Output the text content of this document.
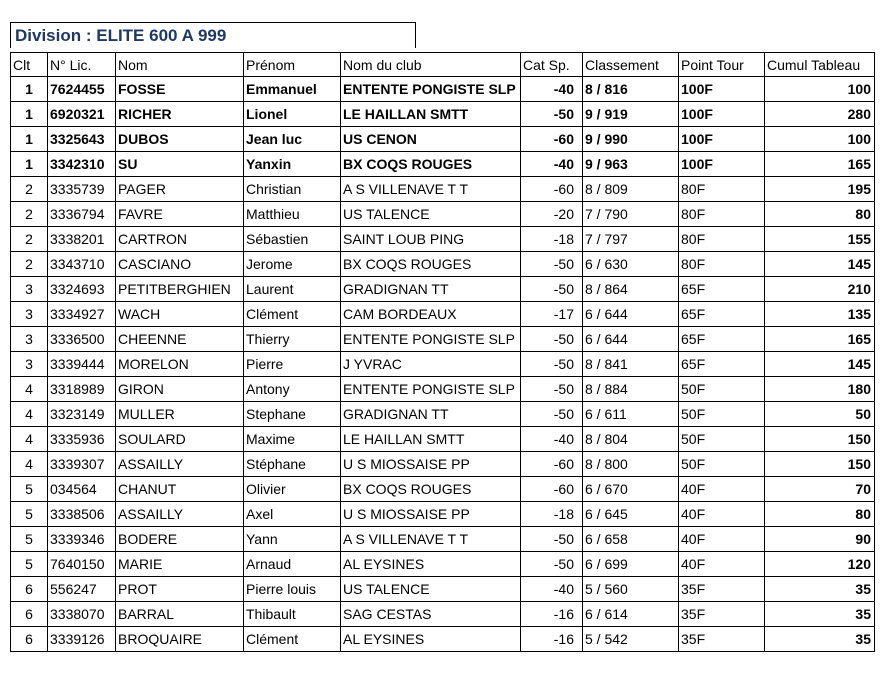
Division : ELITE 600 A 999
Clt	N° Lic.	Nom	Prénom	Nom du club	Cat Sp.	Classement	Point Tour	Cumul Tableau
1	7624455	FOSSE	Emmanuel	ENTENTE PONGISTE SLP	-40	8 / 816	100F	100
1	6920321	RICHER	Lionel	LE HAILLAN SMTT	-50	9 / 919	100F	280
1	3325643	DUBOS	Jean luc	US CENON	-60	9 / 990	100F	100
1	3342310	SU	Yanxin	BX COQS ROUGES	-40	9 / 963	100F	165
2	3335739	PAGER	Christian	A S VILLENAVE T T	-60	8 / 809	80F	195
2	3336794	FAVRE	Matthieu	US TALENCE	-20	7 / 790	80F	80
2	3338201	CARTRON	Sébastien	SAINT LOUB PING	-18	7 / 797	80F	155
2	3343710	CASCIANO	Jerome	BX COQS ROUGES	-50	6 / 630	80F	145
3	3324693	PETITBERGHIEN	Laurent	GRADIGNAN TT	-50	8 / 864	65F	210
3	3334927	WACH	Clément	CAM BORDEAUX	-17	6 / 644	65F	135
3	3336500	CHEENNE	Thierry	ENTENTE PONGISTE SLP	-50	6 / 644	65F	165
3	3339444	MORELON	Pierre	J YVRAC	-50	8 / 841	65F	145
4	3318989	GIRON	Antony	ENTENTE PONGISTE SLP	-50	8 / 884	50F	180
4	3323149	MULLER	Stephane	GRADIGNAN TT	-50	6 / 611	50F	50
4	3335936	SOULARD	Maxime	LE HAILLAN SMTT	-40	8 / 804	50F	150
4	3339307	ASSAILLY	Stéphane	U S MIOSSAISE PP	-60	8 / 800	50F	150
5	034564	CHANUT	Olivier	BX COQS ROUGES	-60	6 / 670	40F	70
5	3338506	ASSAILLY	Axel	U S MIOSSAISE PP	-18	6 / 645	40F	80
5	3339346	BODERE	Yann	A S VILLENAVE T T	-50	6 / 658	40F	90
5	7640150	MARIE	Arnaud	AL EYSINES	-50	6 / 699	40F	120
6	556247	PROT	Pierre louis	US TALENCE	-40	5 / 560	35F	35
6	3338070	BARRAL	Thibault	SAG CESTAS	-16	6 / 614	35F	35
6	3339126	BROQUAIRE	Clément	AL EYSINES	-16	5 / 542	35F	35
